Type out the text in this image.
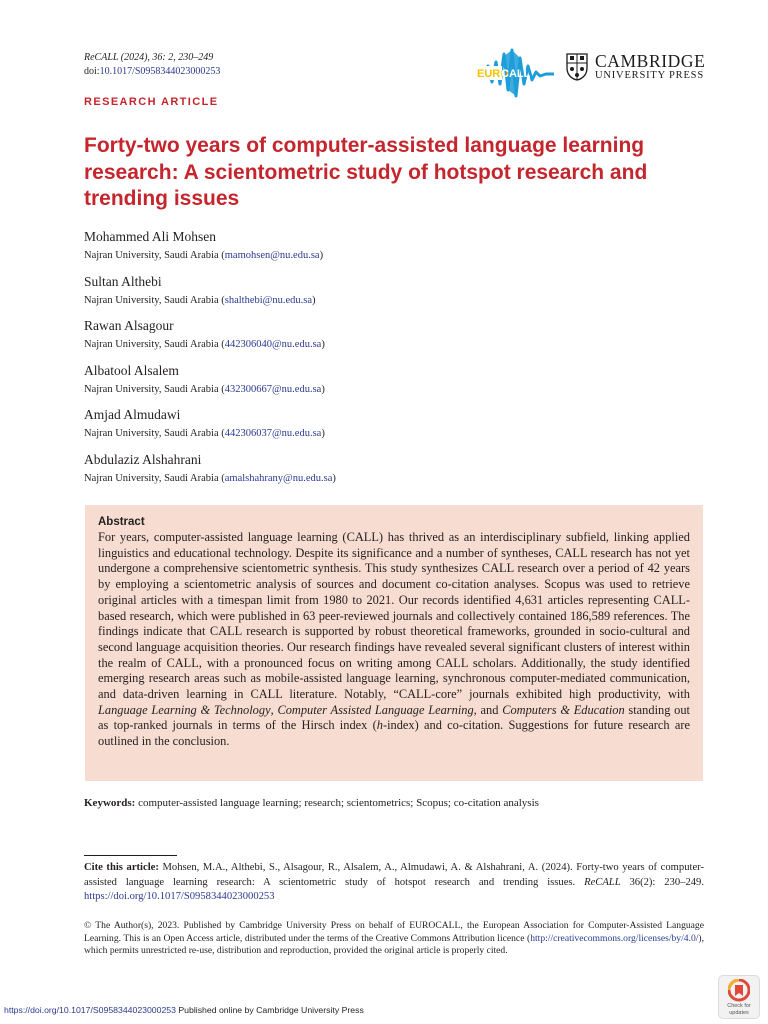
ReCALL (2024), 36: 2, 230–249
doi:10.1017/S0958344023000253	EURO
CALL
CAMBRIDGE
UNIVERSITY PRESS
RESEARCH ARTICLE
Forty-two years of computer-assisted language learning research: A scientometric study of hotspot research and trending issues
Mohammed Ali Mohsen
Najran University, Saudi Arabia (mamohsen@nu.edu.sa)
Sultan Althebi
Najran University, Saudi Arabia (shalthebi@nu.edu.sa)
Rawan Alsagour
Najran University, Saudi Arabia (442306040@nu.edu.sa)
Albatool Alsalem
Najran University, Saudi Arabia (432300667@nu.edu.sa)
Amjad Almudawi
Najran University, Saudi Arabia (442306037@nu.edu.sa)
Abdulaziz Alshahrani
Najran University, Saudi Arabia (amalshahrany@nu.edu.sa)
Abstract

For years, computer-assisted language learning (CALL) has thrived as an interdisciplinary subfield, linking applied linguistics and educational technology. Despite its significance and a number of syntheses, CALL research has not yet undergone a comprehensive scientometric synthesis. This study synthesizes CALL research over a period of 42 years by employing a scientometric analysis of sources and document co-citation analyses. Scopus was used to retrieve original articles with a timespan limit from 1980 to 2021. Our records identified 4,631 articles representing CALL-based research, which were published in 63 peer-reviewed journals and collectively contained 186,589 references. The findings indicate that CALL research is supported by robust theoretical frameworks, grounded in socio-cultural and second language acquisition theories. Our research findings have revealed several significant clusters of interest within the realm of CALL, with a pronounced focus on writing among CALL scholars. Additionally, the study identified emerging research areas such as mobile-assisted language learning, synchronous computer-mediated communication, and data-driven learning in CALL literature. Notably, “CALL-core” journals exhibited high productivity, with Language Learning & Technology, Computer Assisted Language Learning, and Computers & Education standing out as top-ranked journals in terms of the Hirsch index (h-index) and co-citation. Suggestions for future research are outlined in the conclusion.

Keywords: computer-assisted language learning; research; scientometrics; Scopus; co-citation analysis
Cite this article: Mohsen, M.A., Althebi, S., Alsagour, R., Alsalem, A., Almudawi, A. & Alshahrani, A. (2024). Forty-two years of computer-assisted language learning research: A scientometric study of hotspot research and trending issues. ReCALL 36(2): 230–249. https://doi.org/10.1017/S0958344023000253
© The Author(s), 2023. Published by Cambridge University Press on behalf of EUROCALL, the European Association for Computer-Assisted Language Learning. This is an Open Access article, distributed under the terms of the Creative Commons Attribution licence (http://creativecommons.org/licenses/by/4.0/), which permits unrestricted re-use, distribution and reproduction, provided the original article is properly cited.
https://doi.org/10.1017/S0958344023000253 Published online by Cambridge University Press	Check for
updates
